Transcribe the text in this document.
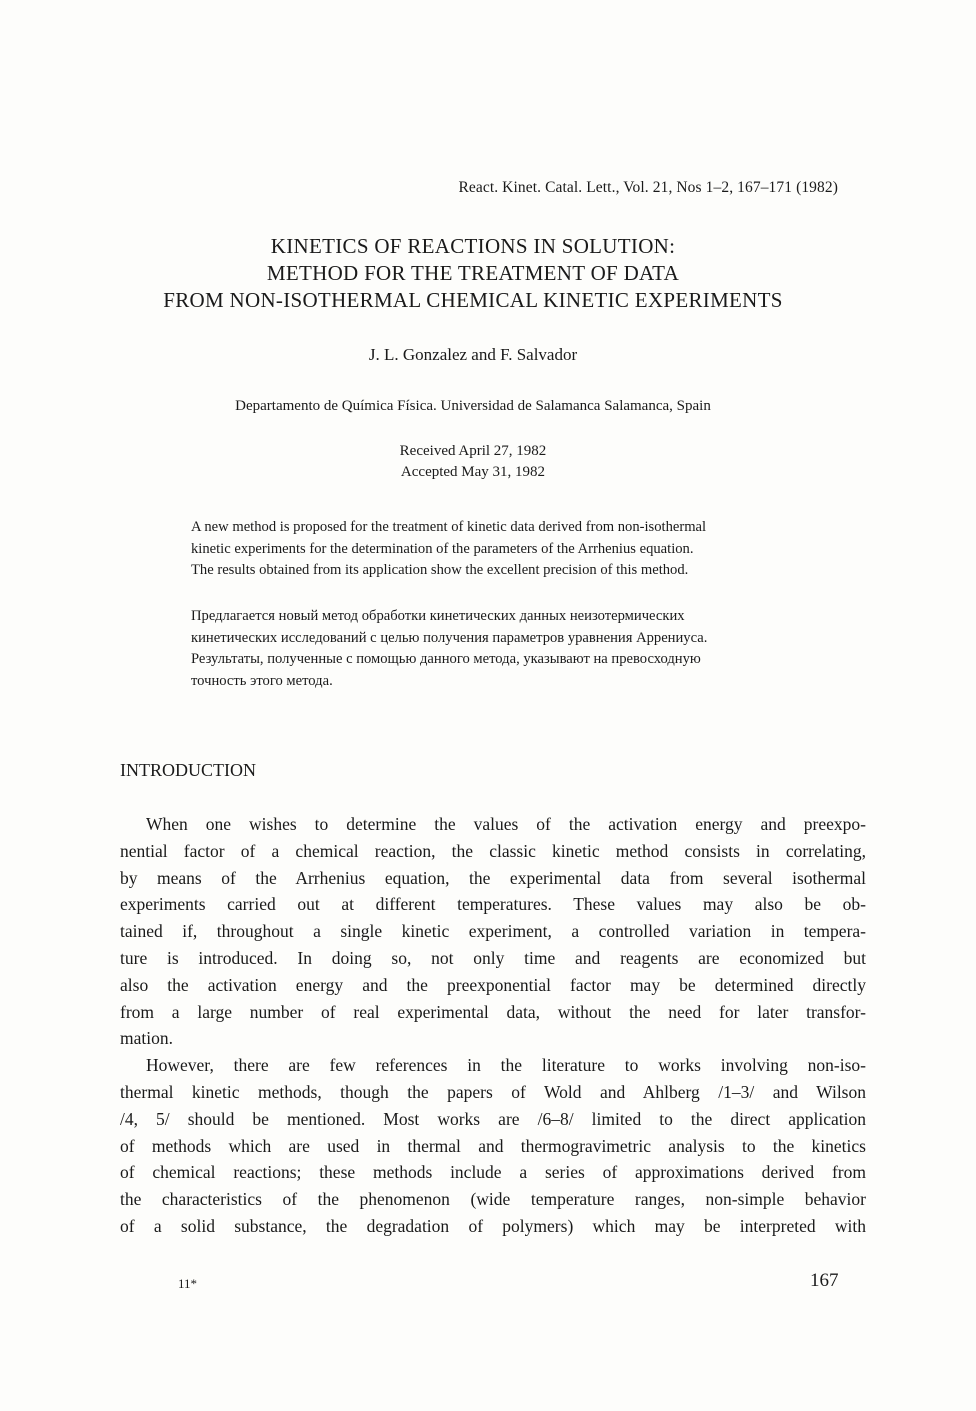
React. Kinet. Catal. Lett., Vol. 21, Nos 1–2, 167–171 (1982)
KINETICS OF REACTIONS IN SOLUTION:
METHOD FOR THE TREATMENT OF DATA
FROM NON-ISOTHERMAL CHEMICAL KINETIC EXPERIMENTS
J. L. Gonzalez and F. Salvador
Departamento de Química Física. Universidad de Salamanca Salamanca, Spain
Received April 27, 1982
Accepted May 31, 1982
A new method is proposed for the treatment of kinetic data derived from non-isothermal
kinetic experiments for the determination of the parameters of the Arrhenius equation.
The results obtained from its application show the excellent precision of this method.
Предлагается новый метод обработки кинетических данных неизотермических
кинетических исследований с целью получения параметров уравнения Аррениуса.
Результаты, полученные с помощью данного метода, указывают на превосходную
точность этого метода.
INTRODUCTION
When one wishes to determine the values of the activation energy and preexpo-
nential factor of a chemical reaction, the classic kinetic method consists in correlating,
by means of the Arrhenius equation, the experimental data from several isothermal
experiments carried out at different temperatures. These values may also be ob-
tained if, throughout a single kinetic experiment, a controlled variation in tempera-
ture is introduced. In doing so, not only time and reagents are economized but
also the activation energy and the preexponential factor may be determined directly
from a large number of real experimental data, without the need for later transfor-
mation.
However, there are few references in the literature to works involving non-iso-
thermal kinetic methods, though the papers of Wold and Ahlberg /1–3/ and Wilson
/4, 5/ should be mentioned. Most works are /6–8/ limited to the direct application
of methods which are used in thermal and thermogravimetric analysis to the kinetics
of chemical reactions; these methods include a series of approximations derived from
the characteristics of the phenomenon (wide temperature ranges, non-simple behavior
of a solid substance, the degradation of polymers) which may be interpreted with
11*	167
